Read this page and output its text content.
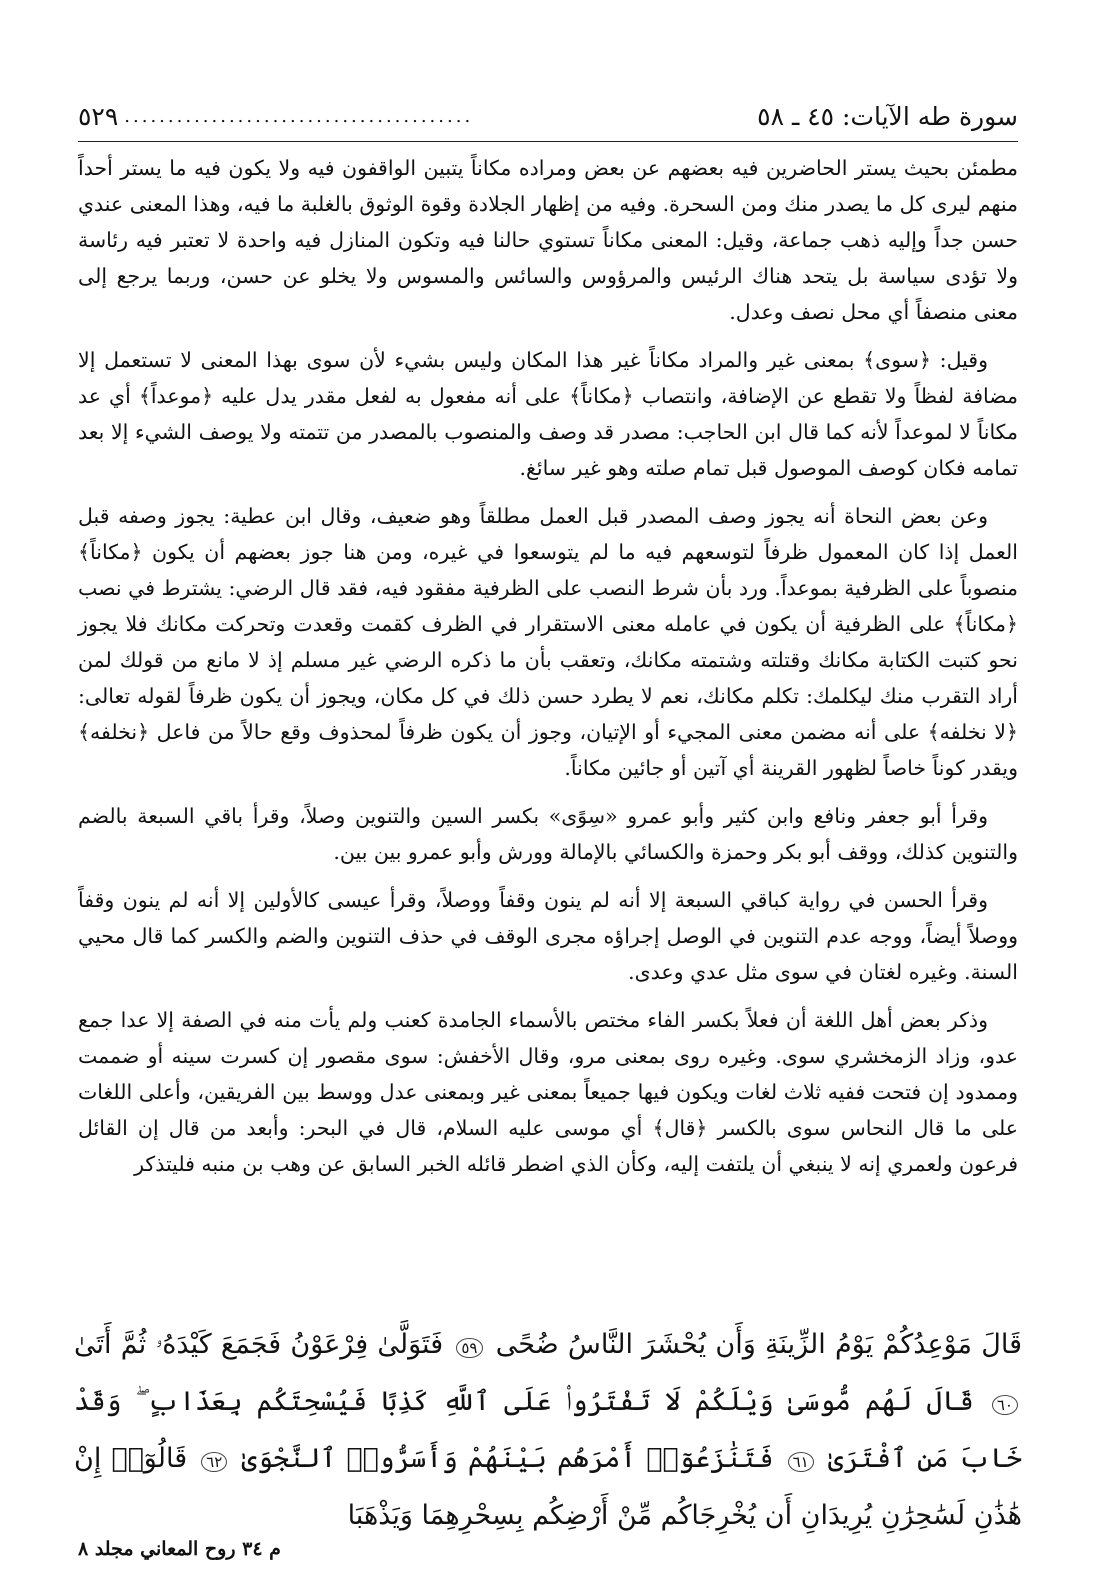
سورة طه الآيات: ٤٥ ـ ٥٨
٥٢٩ ........................................

مطمئن بحيث يستر الحاضرين فيه بعضهم عن بعض ومراده مكاناً يتبين الواقفون فيه ولا يكون فيه ما يستر أحداً منهم ليرى كل ما يصدر منك ومن السحرة. وفيه من إظهار الجلادة وقوة الوثوق بالغلبة ما فيه، وهذا المعنى عندي حسن جداً وإليه ذهب جماعة، وقيل: المعنى مكاناً تستوي حالنا فيه وتكون المنازل فيه واحدة لا تعتبر فيه رئاسة ولا تؤدى سياسة بل يتحد هناك الرئيس والمرؤوس والسائس والمسوس ولا يخلو عن حسن، وربما يرجع إلى معنى منصفاً أي محل نصف وعدل.

وقيل: ﴿سوى﴾ بمعنى غير والمراد مكاناً غير هذا المكان وليس بشيء لأن سوى بهذا المعنى لا تستعمل إلا مضافة لفظاً ولا تقطع عن الإضافة، وانتصاب ﴿مكاناً﴾ على أنه مفعول به لفعل مقدر يدل عليه ﴿موعداً﴾ أي عد مكاناً لا لموعداً لأنه كما قال ابن الحاجب: مصدر قد وصف والمنصوب بالمصدر من تتمته ولا يوصف الشيء إلا بعد تمامه فكان كوصف الموصول قبل تمام صلته وهو غير سائغ.

وعن بعض النحاة أنه يجوز وصف المصدر قبل العمل مطلقاً وهو ضعيف، وقال ابن عطية: يجوز وصفه قبل العمل إذا كان المعمول ظرفاً لتوسعهم فيه ما لم يتوسعوا في غيره، ومن هنا جوز بعضهم أن يكون ﴿مكاناً﴾ منصوباً على الظرفية بموعداً. ورد بأن شرط النصب على الظرفية مفقود فيه، فقد قال الرضي: يشترط في نصب ﴿مكاناً﴾ على الظرفية أن يكون في عامله معنى الاستقرار في الظرف كقمت وقعدت وتحركت مكانك فلا يجوز نحو كتبت الكتابة مكانك وقتلته وشتمته مكانك، وتعقب بأن ما ذكره الرضي غير مسلم إذ لا مانع من قولك لمن أراد التقرب منك ليكلمك: تكلم مكانك، نعم لا يطرد حسن ذلك في كل مكان، ويجوز أن يكون ظرفاً لقوله تعالى: ﴿لا نخلفه﴾ على أنه مضمن معنى المجيء أو الإتيان، وجوز أن يكون ظرفاً لمحذوف وقع حالاً من فاعل ﴿نخلفه﴾ ويقدر كوناً خاصاً لظهور القرينة أي آتين أو جائين مكاناً.

وقرأ أبو جعفر ونافع وابن كثير وأبو عمرو «سِوًى» بكسر السين والتنوين وصلاً، وقرأ باقي السبعة بالضم والتنوين كذلك، ووقف أبو بكر وحمزة والكسائي بالإمالة وورش وأبو عمرو بين بين.

وقرأ الحسن في رواية كباقي السبعة إلا أنه لم ينون وقفاً ووصلاً، وقرأ عيسى كالأولين إلا أنه لم ينون وقفاً ووصلاً أيضاً، ووجه عدم التنوين في الوصل إجراؤه مجرى الوقف في حذف التنوين والضم والكسر كما قال محيي السنة. وغيره لغتان في سوى مثل عدي وعدى.

وذكر بعض أهل اللغة أن فعلاً بكسر الفاء مختص بالأسماء الجامدة كعنب ولم يأت منه في الصفة إلا عدا جمع عدو، وزاد الزمخشري سوى. وغيره روى بمعنى مرو، وقال الأخفش: سوى مقصور إن كسرت سينه أو ضممت وممدود إن فتحت ففيه ثلاث لغات ويكون فيها جميعاً بمعنى غير وبمعنى عدل ووسط بين الفريقين، وأعلى اللغات على ما قال النحاس سوى بالكسر ﴿قال﴾ أي موسى عليه السلام، قال في البحر: وأبعد من قال إن القائل فرعون ولعمري إنه لا ينبغي أن يلتفت إليه، وكأن الذي اضطر قائله الخبر السابق عن وهب بن منبه فليتذكر

قَالَ مَوْعِدُكُمْ يَوْمُ الزِّينَةِ وَأَن يُحْشَرَ النَّاسُ ضُحًى ٥٩ فَتَوَلَّىٰ فِرْعَوْنُ فَجَمَعَ كَيْدَهُۥ ثُمَّ أَتَىٰ ٦٠ قَالَ لَهُم مُّوسَىٰ وَيْلَكُمْ لَا تَفْتَرُوا۟ عَلَى ٱللَّهِ كَذِبًا فَيُسْحِتَكُم بِعَذَابٍ ۖ وَقَدْ خَابَ مَنِ ٱفْتَرَىٰ ٦١ فَتَنَٰزَعُوٓا۟ أَمْرَهُم بَيْنَهُمْ وَأَسَرُّوا۟ ٱلنَّجْوَىٰ ٦٢ قَالُوٓا۟ إِنْ هَٰذَٰنِ لَسَٰحِرَٰنِ يُرِيدَانِ أَن يُخْرِجَاكُم مِّنْ أَرْضِكُم بِسِحْرِهِمَا وَيَذْهَبَا
م ٣٤ روح المعاني مجلد ٨
